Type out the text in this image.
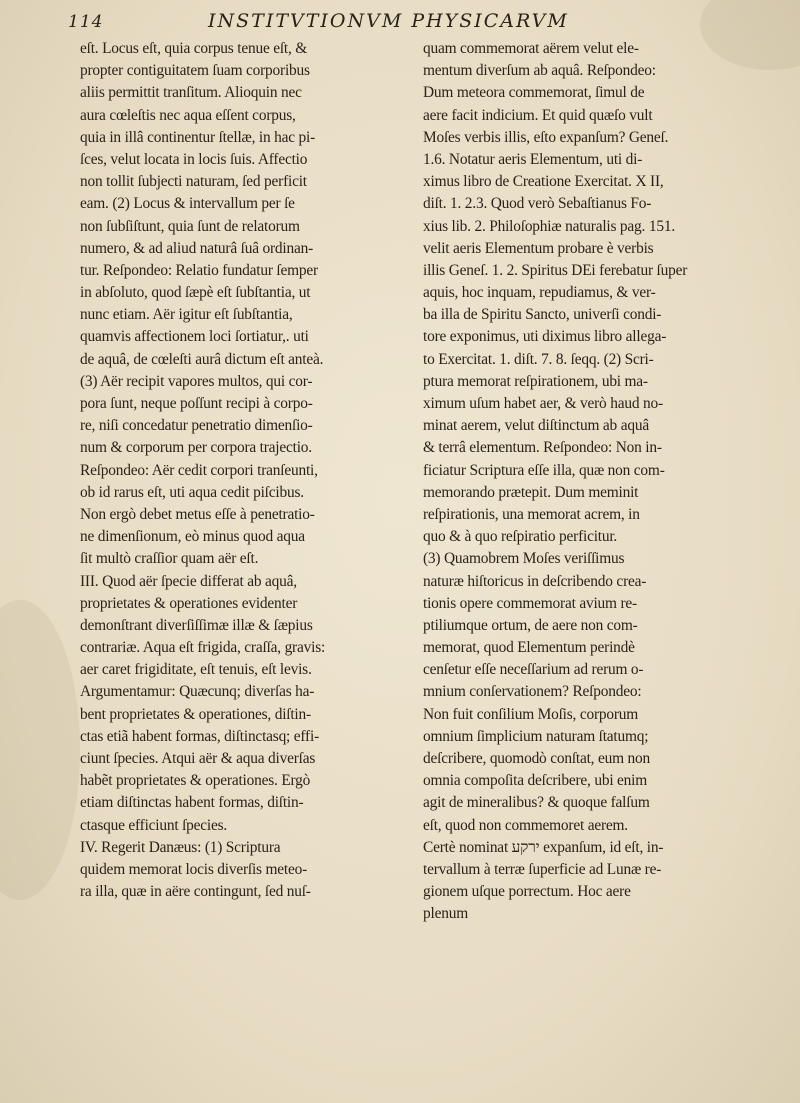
114	INSTITVTIONVM PHYSICARVM
eſt. Locus eſt, quia corpus tenue eſt, &
propter contiguitatem ſuam corporibus
aliis permittit tranſitum. Alioquin nec
aura cœleſtis nec aqua eſſent corpus,
quia in illâ continentur ſtellæ, in hac pi-
ſces, velut locata in locis ſuis. Affectio
non tollit ſubjecti naturam, ſed perficit
eam. (2) Locus & intervallum per ſe
non ſubſiſtunt, quia ſunt de relatorum
numero, & ad aliud naturâ ſuâ ordinan-
tur. Reſpondeo: Relatio fundatur ſemper
in abſoluto, quod ſæpè eſt ſubſtantia, ut
nunc etiam. Aër igitur eſt ſubſtantia,
quamvis affectionem loci ſortiatur,. uti
de aquâ, de cœleſti aurâ dictum eſt anteà.
(3) Aër recipit vapores multos, qui cor-
pora ſunt, neque poſſunt recipi à corpo-
re, niſi concedatur penetratio dimenſio-
num & corporum per corpora trajectio.
Reſpondeo: Aër cedit corpori tranſeunti,
ob id rarus eſt, uti aqua cedit piſcibus.
Non ergò debet metus eſſe à penetratio-
ne dimenſionum, eò minus quod aqua
ſit multò craſſior quam aër eſt.
III. Quod aër ſpecie differat ab aquâ,
proprietates & operationes evidenter
demonſtrant diverſiſſimæ illæ & ſæpius
contrariæ. Aqua eſt frigida, craſſa, gravis:
aer caret frigiditate, eſt tenuis, eſt levis.
Argumentamur: Quæcunq; diverſas ha-
bent proprietates & operationes, diſtin-
ctas etiã habent formas, diſtinctasq; effi-
ciunt ſpecies. Atqui aër & aqua diverſas
habẽt proprietates & operationes. Ergò
etiam diſtinctas habent formas, diſtin-
ctasque efficiunt ſpecies.
IV. Regerit Danæus: (1) Scriptura
quidem memorat locis diverſis meteo-
ra illa, quæ in aëre contingunt, ſed nuſ-
quam commemorat aërem velut ele-
mentum diverſum ab aquâ. Reſpondeo:
Dum meteora commemorat, ſimul de
aere facit indicium. Et quid quæſo vult
Moſes verbis illis, eſto expanſum? Geneſ.
1.6. Notatur aeris Elementum, uti di-
ximus libro de Creatione Exercitat. X II,
diſt. 1. 2.3. Quod verò Sebaſtianus Fo-
xius lib. 2. Philoſophiæ naturalis pag. 151.
velit aeris Elementum probare è verbis
illis Geneſ. 1. 2. Spiritus DEi ferebatur ſuper
aquis, hoc inquam, repudiamus, & ver-
ba illa de Spiritu Sancto, univerſi condi-
tore exponimus, uti diximus libro allega-
to Exercitat. 1. diſt. 7. 8. ſeqq. (2) Scri-
ptura memorat reſpirationem, ubi ma-
ximum uſum habet aer, & verò haud no-
minat aerem, velut diſtinctum ab aquâ
& terrâ elementum. Reſpondeo: Non in-
ficiatur Scriptura eſſe illa, quæ non com-
memorando prætерit. Dum meminit
reſpirationis, una memorat acrem, in
quo & à quo reſpiratio perficitur.
(3) Quamobrem Moſes veriſſimus
naturæ hiſtoricus in deſcribendo crea-
tionis opere commemorat avium re-
ptiliumque ortum, de aere non com-
memorat, quod Elementum perindè
cenſetur eſſe neceſſarium ad rerum o-
mnium conſervationem? Reſpondeo:
Non fuit conſilium Moſis, corporum
omnium ſimplicium naturam ſtatumq;
deſcribere, quomodò conſtat, eum non
omnia compoſita deſcribere, ubi enim
agit de mineralibus? & quoque falſum
eſt, quod non commemoret aerem.
Certè nominat ירקע expanſum, id eſt, in-
tervallum à terræ ſuperficie ad Lunæ re-
gionem uſque porrectum. Hoc aere
plenum
